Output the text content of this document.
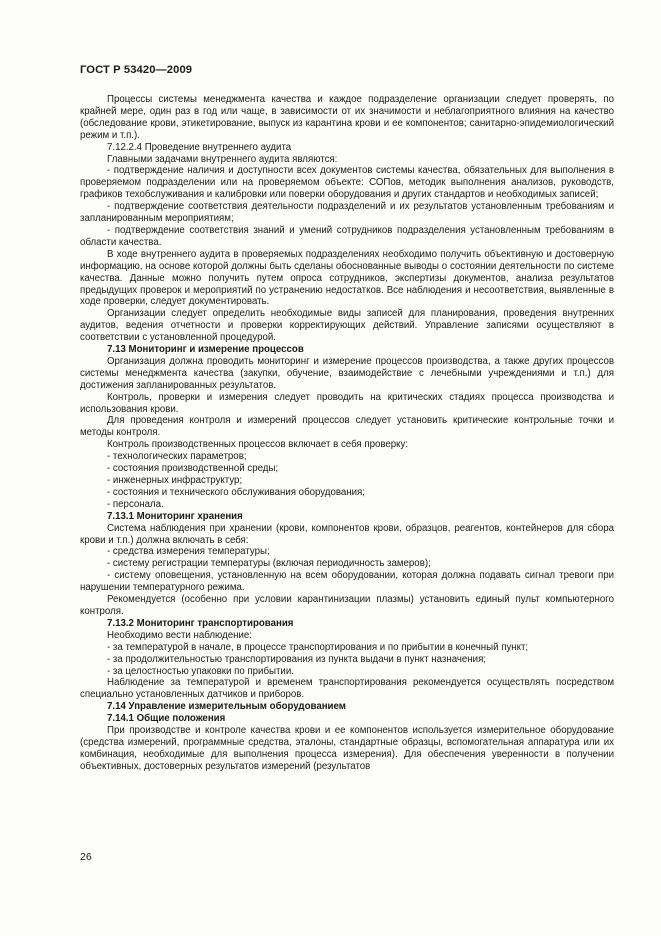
ГОСТ Р 53420—2009

Процессы системы менеджмента качества и каждое подразделение организации следует проверять, по крайней мере, один раз в год или чаще, в зависимости от их значимости и неблагоприятного влияния на качество (обследование крови, этикетирование, выпуск из карантина крови и ее компонентов; санитарно-эпидемиологический режим и т.п.).

7.12.2.4 Проведение внутреннего аудита

Главными задачами внутреннего аудита являются:

- подтверждение наличия и доступности всех документов системы качества, обязательных для выполнения в проверяемом подразделении или на проверяемом объекте: СОПов, методик выполнения анализов, руководств, графиков техобслуживания и калибровки или поверки оборудования и других стандартов и необходимых записей;

- подтверждение соответствия деятельности подразделений и их результатов установленным требованиям и запланированным мероприятиям;

- подтверждение соответствия знаний и умений сотрудников подразделения установленным требованиям в области качества.

В ходе внутреннего аудита в проверяемых подразделениях необходимо получить объективную и достоверную информацию, на основе которой должны быть сделаны обоснованные выводы о состоянии деятельности по системе качества. Данные можно получить путем опроса сотрудников, экспертизы документов, анализа результатов предыдущих проверок и мероприятий по устранению недостатков. Все наблюдения и несоответствия, выявленные в ходе проверки, следует документировать.

Организации следует определить необходимые виды записей для планирования, проведения внутренних аудитов, ведения отчетности и проверки корректирующих действий. Управление записями осуществляют в соответствии с установленной процедурой.

7.13 Мониторинг и измерение процессов

Организация должна проводить мониторинг и измерение процессов производства, а также других процессов системы менеджмента качества (закупки, обучение, взаимодействие с лечебными учреждениями и т.п.) для достижения запланированных результатов.

Контроль, проверки и измерения следует проводить на критических стадиях процесса производства и использования крови.

Для проведения контроля и измерений процессов следует установить критические контрольные точки и методы контроля.

Контроль производственных процессов включает в себя проверку:

- технологических параметров;

- состояния производственной среды;

- инженерных инфраструктур;

- состояния и технического обслуживания оборудования;

- персонала.

7.13.1 Мониторинг хранения

Система наблюдения при хранении (крови, компонентов крови, образцов, реагентов, контейнеров для сбора крови и т.п.) должна включать в себя:

- средства измерения температуры;

- систему регистрации температуры (включая периодичность замеров);

- систему оповещения, установленную на всем оборудовании, которая должна подавать сигнал тревоги при нарушении температурного режима.

Рекомендуется (особенно при условии карантинизации плазмы) установить единый пульт компьютерного контроля.

7.13.2 Мониторинг транспортирования

Необходимо вести наблюдение:

- за температурой в начале, в процессе транспортирования и по прибытии в конечный пункт;

- за продолжительностью транспортирования из пункта выдачи в пункт назначения;

- за целостностью упаковки по прибытии.

Наблюдение за температурой и временем транспортирования рекомендуется осуществлять посредством специально установленных датчиков и приборов.

7.14 Управление измерительным оборудованием

7.14.1 Общие положения

При производстве и контроле качества крови и ее компонентов используется измерительное оборудование (средства измерений, программные средства, эталоны, стандартные образцы, вспомогательная аппаратура или их комбинация, необходимые для выполнения процесса измерения). Для обеспечения уверенности в получении объективных, достоверных результатов измерений (результатов

26
